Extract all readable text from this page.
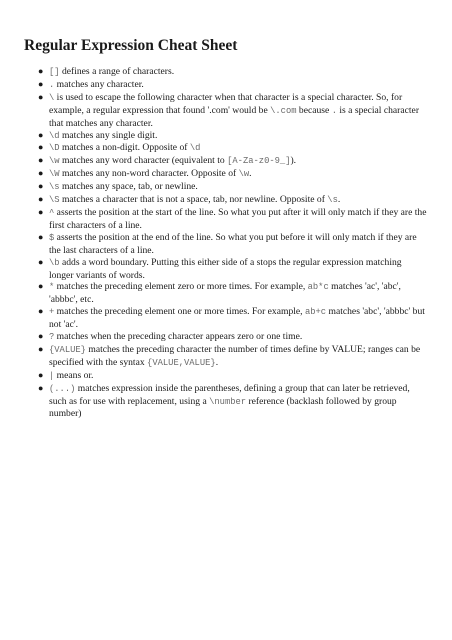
Regular Expression Cheat Sheet
● [] defines a range of characters.
● . matches any character.
● \ is used to escape the following character when that character is a special character. So, for example, a regular expression that found '.com' would be \.com because . is a special character that matches any character.
● \d matches any single digit.
● \D matches a non-digit. Opposite of \d
● \w matches any word character (equivalent to [A-Za-z0-9_]).
● \W matches any non-word character. Opposite of \w.
● \s matches any space, tab, or newline.
● \S matches a character that is not a space, tab, nor newline. Opposite of \s.
● ^ asserts the position at the start of the line. So what you put after it will only match if they are the first characters of a line.
● $ asserts the position at the end of the line. So what you put before it will only match if they are the last characters of a line.
● \b adds a word boundary. Putting this either side of a stops the regular expression matching longer variants of words.
● * matches the preceding element zero or more times. For example, ab*c matches 'ac', 'abc', 'abbbc', etc.
● + matches the preceding element one or more times. For example, ab+c matches 'abc', 'abbbc' but not 'ac'.
● ? matches when the preceding character appears zero or one time.
● {VALUE} matches the preceding character the number of times define by VALUE; ranges can be specified with the syntax {VALUE,VALUE}.
● | means or.
● (...) matches expression inside the parentheses, defining a group that can later be retrieved, such as for use with replacement, using a \number reference (backlash followed by group number)
